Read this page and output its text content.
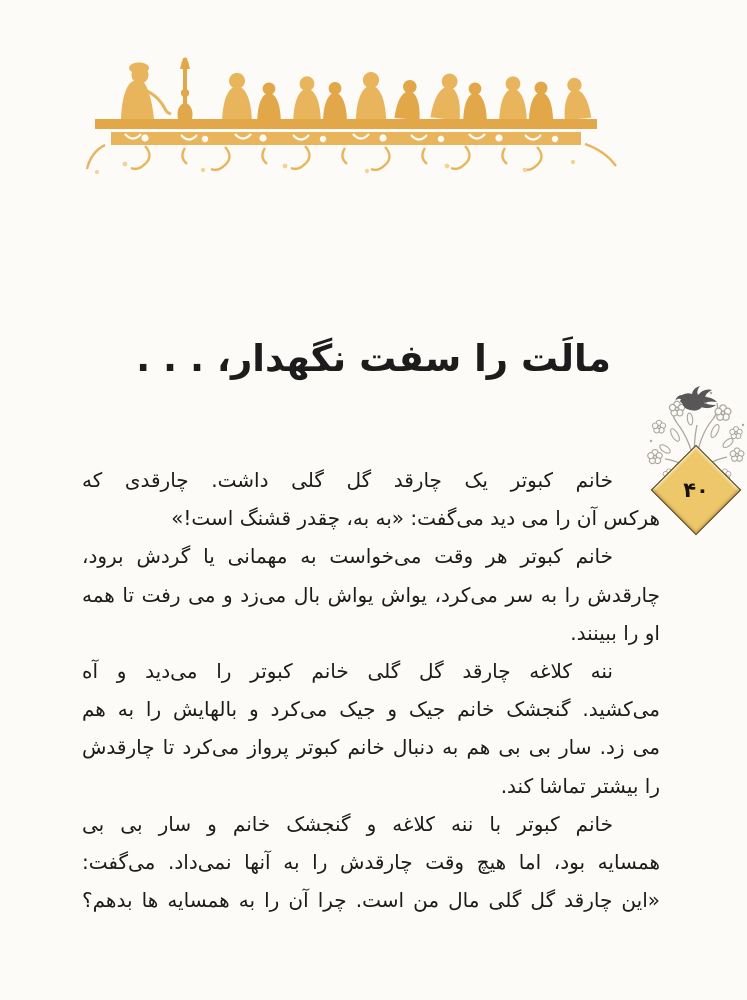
مالَت را سفت نگهدار، . . .
۴۰
خانم کبوتر یک چارقد گل گلی داشت. چارقدی که
هرکس آن را می دید می‌گفت: «به به، چقدر قشنگ است!»
خانم کبوتر هر وقت می‌خواست به مهمانی یا گردش برود،
چارقدش را به سر می‌کرد، یواش یواش بال می‌زد و می رفت تا همه
او را ببینند.
ننه کلاغه چارقد گل گلی خانم کبوتر را می‌دید و آه
می‌کشید. گنجشک خانم جیک و جیک می‌کرد و بالهایش را به هم
می زد. سار بی بی هم به دنبال خانم کبوتر پرواز می‌کرد تا چارقدش
را بیشتر تماشا کند.
خانم کبوتر با ننه کلاغه و گنجشک خانم و سار بی بی
همسایه بود، اما هیچ وقت چارقدش را به آنها نمی‌داد. می‌گفت:
«این چارقد گل گلی مال من است. چرا آن را به همسایه ها بدهم؟
